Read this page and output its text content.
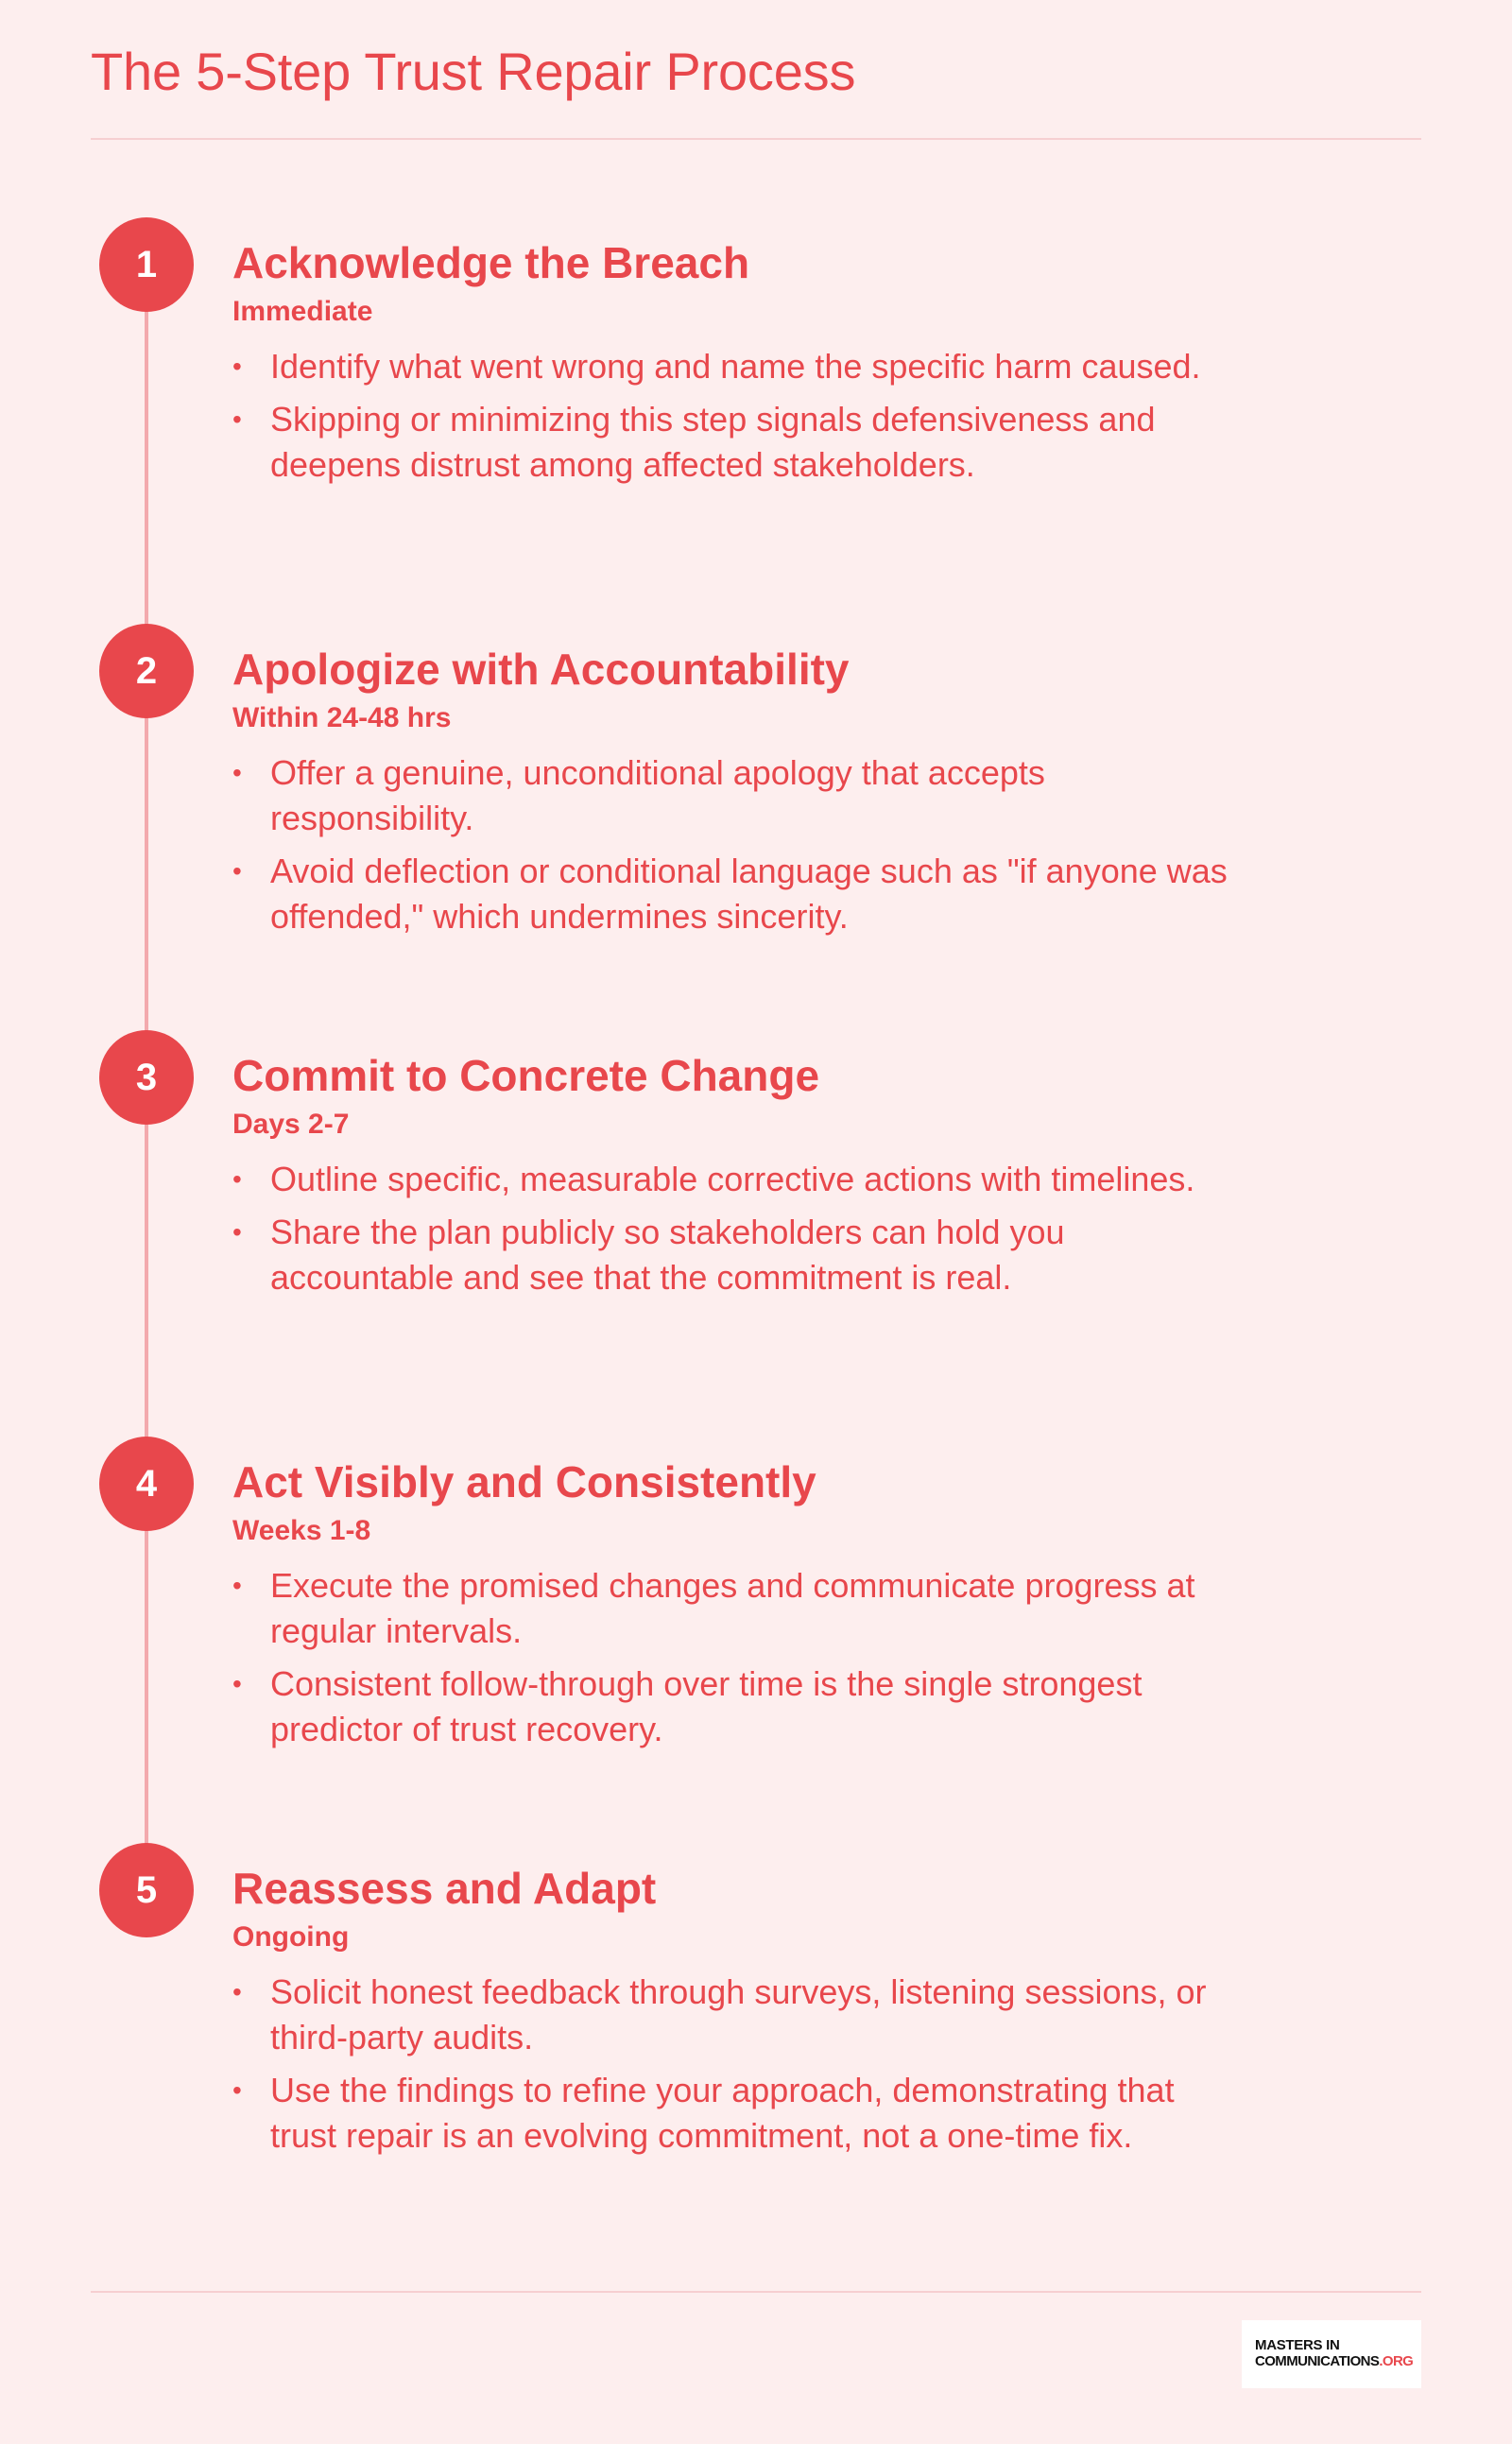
The 5-Step Trust Repair Process
1	Acknowledge the Breach
Immediate
• Identify what went wrong and name the specific harm caused.
• Skipping or minimizing this step signals defensiveness and deepens distrust among affected stakeholders.
2	Apologize with Accountability
Within 24-48 hrs
• Offer a genuine, unconditional apology that accepts responsibility.
• Avoid deflection or conditional language such as "if anyone was offended," which undermines sincerity.
3	Commit to Concrete Change
Days 2-7
• Outline specific, measurable corrective actions with timelines.
• Share the plan publicly so stakeholders can hold you accountable and see that the commitment is real.
4	Act Visibly and Consistently
Weeks 1-8
• Execute the promised changes and communicate progress at regular intervals.
• Consistent follow-through over time is the single strongest predictor of trust recovery.
5	Reassess and Adapt
Ongoing
• Solicit honest feedback through surveys, listening sessions, or third-party audits.
• Use the findings to refine your approach, demonstrating that trust repair is an evolving commitment, not a one-time fix.
MASTERS IN
COMMUNICATIONS.ORG
